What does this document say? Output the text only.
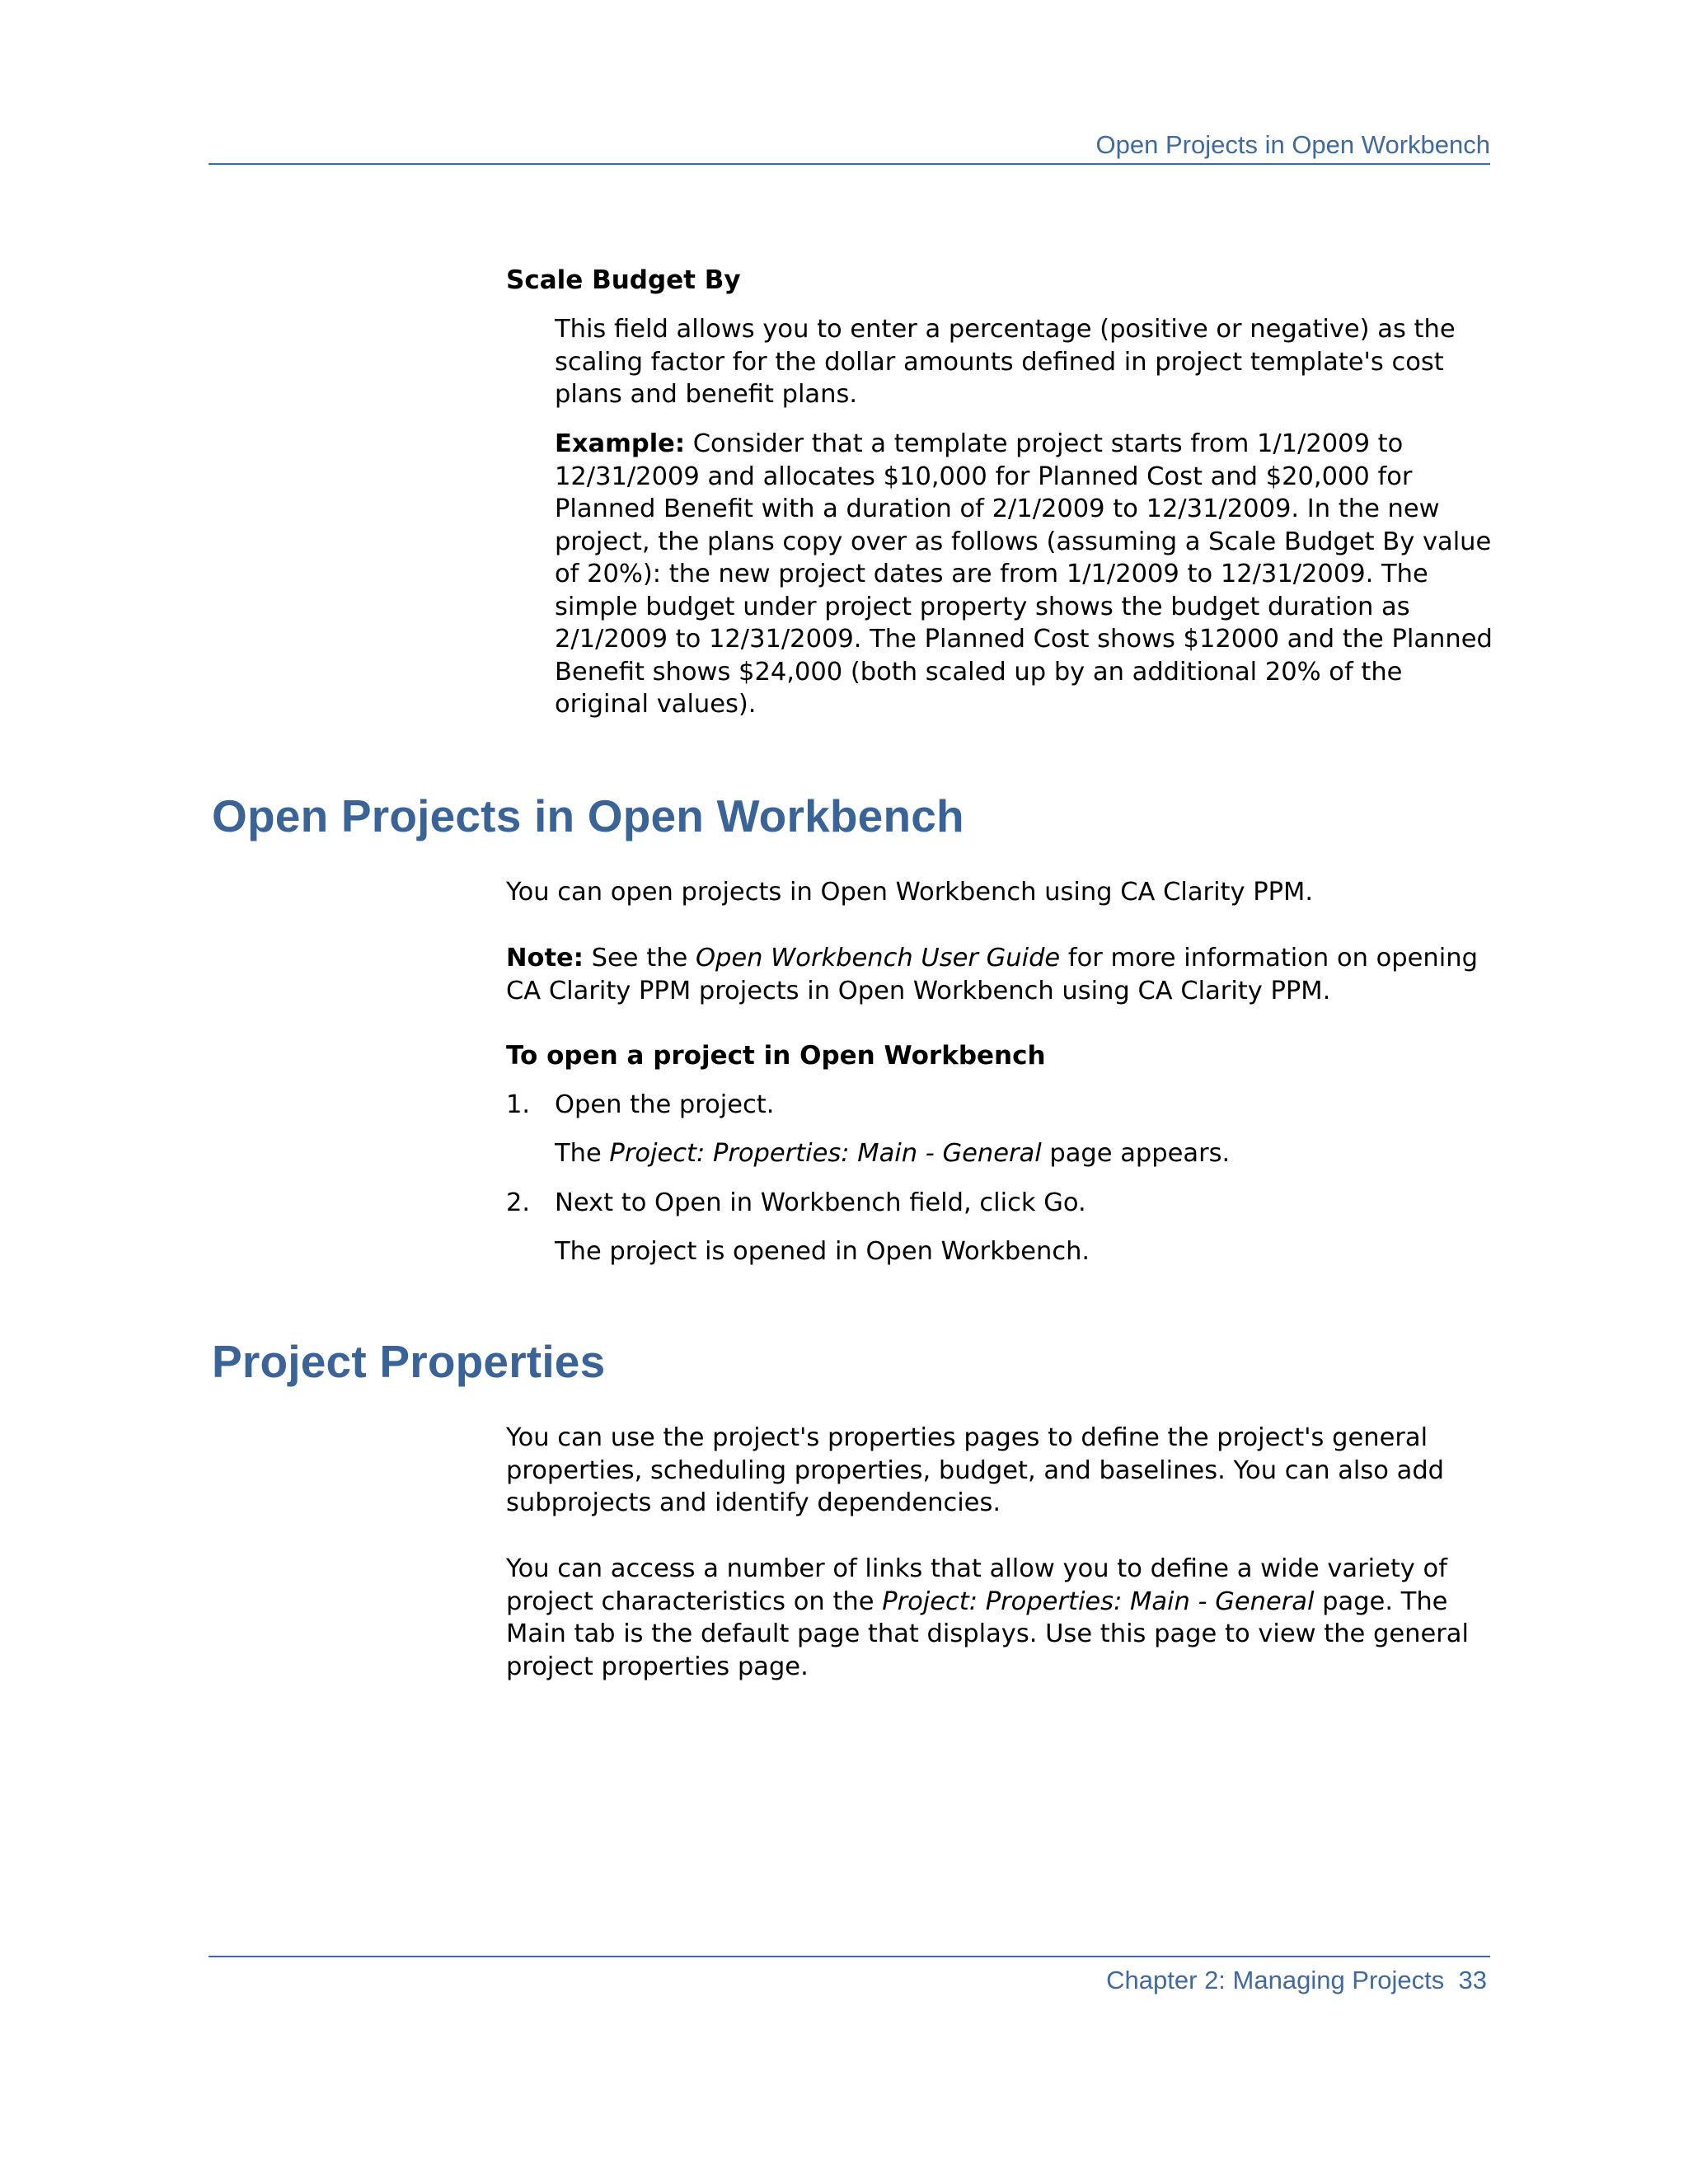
Open Projects in Open Workbench

Scale Budget By

This field allows you to enter a percentage (positive or negative) as the scaling factor for the dollar amounts defined in project template's cost plans and benefit plans.

Example: Consider that a template project starts from 1/1/2009 to 12/31/2009 and allocates $10,000 for Planned Cost and $20,000 for Planned Benefit with a duration of 2/1/2009 to 12/31/2009. In the new project, the plans copy over as follows (assuming a Scale Budget By value of 20%): the new project dates are from 1/1/2009 to 12/31/2009. The simple budget under project property shows the budget duration as 2/1/2009 to 12/31/2009. The Planned Cost shows $12000 and the Planned Benefit shows $24,000 (both scaled up by an additional 20% of the original values).

Open Projects in Open Workbench

You can open projects in Open Workbench using CA Clarity PPM.

Note: See the Open Workbench User Guide for more information on opening CA Clarity PPM projects in Open Workbench using CA Clarity PPM.

To open a project in Open Workbench

1. Open the project.

The Project: Properties: Main - General page appears.

2. Next to Open in Workbench field, click Go.

The project is opened in Open Workbench.

Project Properties

You can use the project's properties pages to define the project's general properties, scheduling properties, budget, and baselines. You can also add subprojects and identify dependencies.

You can access a number of links that allow you to define a wide variety of project characteristics on the Project: Properties: Main - General page. The Main tab is the default page that displays. Use this page to view the general project properties page.

Chapter 2: Managing Projects  33
